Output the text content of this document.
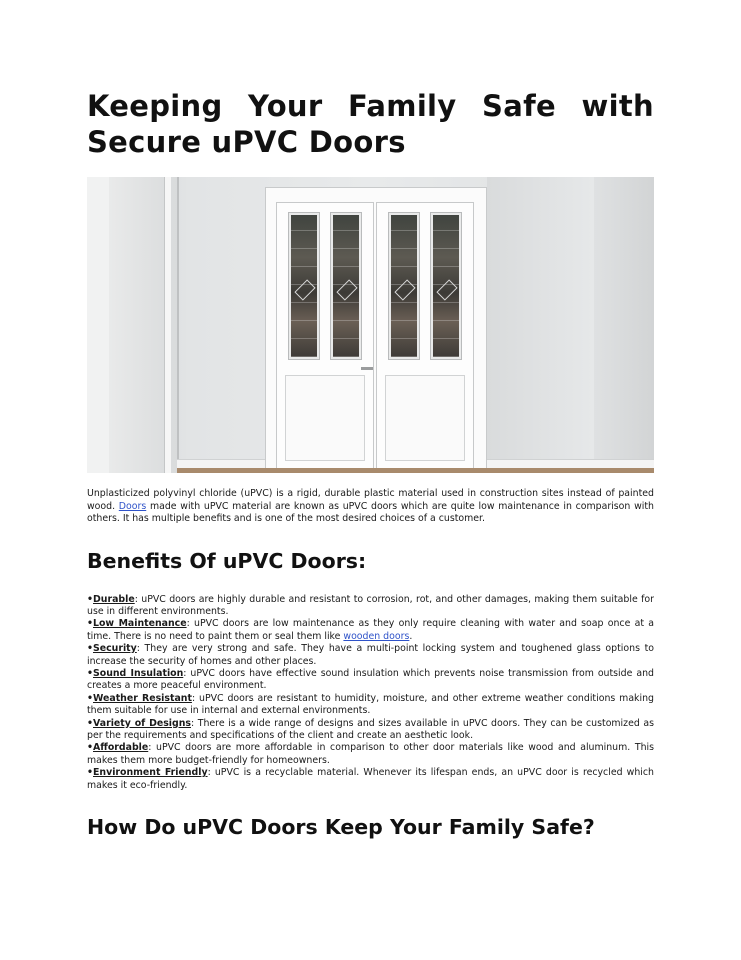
Keeping Your Family Safe with Secure uPVC Doors

Unplasticized polyvinyl chloride (uPVC) is a rigid, durable plastic material used in construction sites instead of painted wood. Doors made with uPVC material are known as uPVC doors which are quite low maintenance in comparison with others. It has multiple benefits and is one of the most desired choices of a customer.

Benefits Of uPVC Doors:

•Durable: uPVC doors are highly durable and resistant to corrosion, rot, and other damages, making them suitable for use in different environments.

•Low Maintenance: uPVC doors are low maintenance as they only require cleaning with water and soap once at a time. There is no need to paint them or seal them like wooden doors.

•Security: They are very strong and safe. They have a multi-point locking system and toughened glass options to increase the security of homes and other places.

•Sound Insulation: uPVC doors have effective sound insulation which prevents noise transmission from outside and creates a more peaceful environment.

•Weather Resistant: uPVC doors are resistant to humidity, moisture, and other extreme weather conditions making them suitable for use in internal and external environments.

•Variety of Designs: There is a wide range of designs and sizes available in uPVC doors. They can be customized as per the requirements and specifications of the client and create an aesthetic look.

•Affordable: uPVC doors are more affordable in comparison to other door materials like wood and aluminum. This makes them more budget-friendly for homeowners.

•Environment Friendly: uPVC is a recyclable material. Whenever its lifespan ends, an uPVC door is recycled which makes it eco-friendly.

How Do uPVC Doors Keep Your Family Safe?
